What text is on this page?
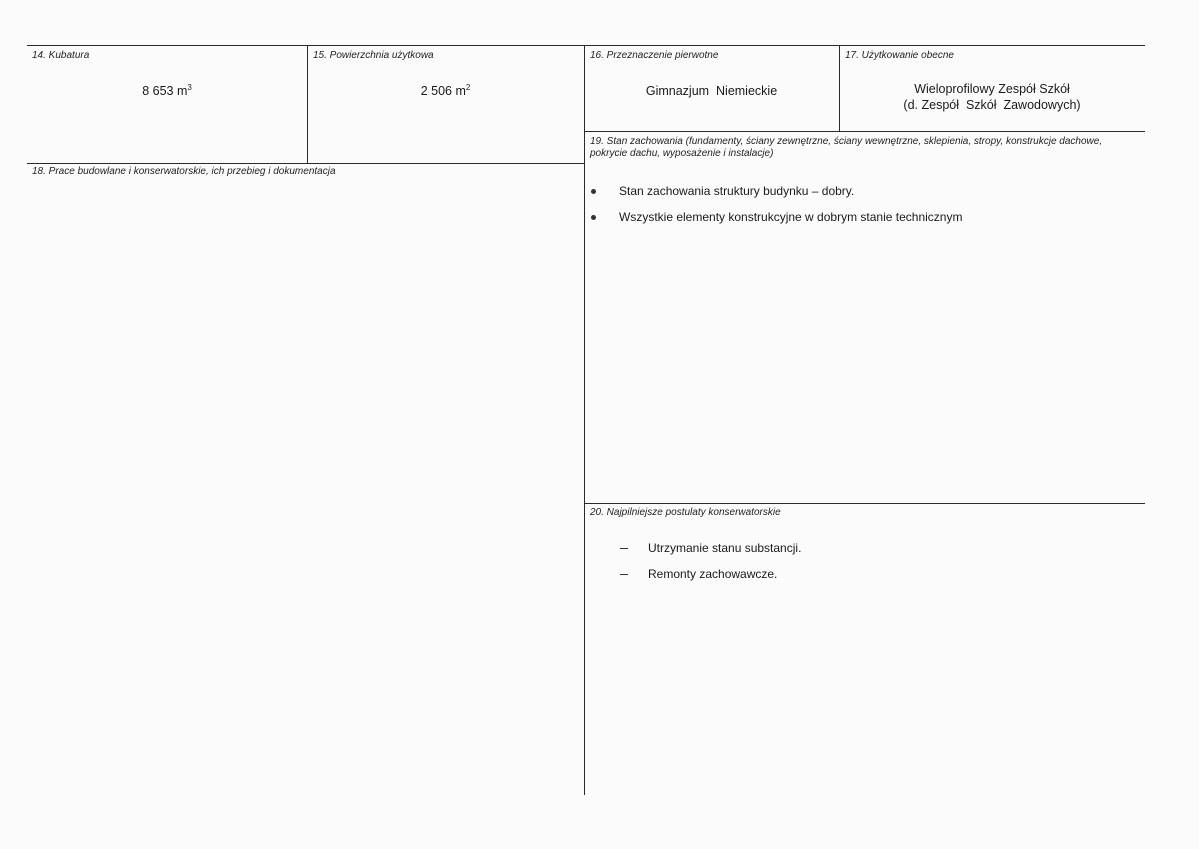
14. Kubatura
8 653 $m^3$
15. Powierzchnia użytkowa
2 506 $m^2$
16. Przeznaczenie pierwotne
Gimnazjum  Niemieckie
17. Użytkowanie obecne
Wieloprofilowy Zespół Szkół
(d. Zespół  Szkół  Zawodowych)
18. Prace budowlane i konserwatorskie, ich przebieg i dokumentacja
19. Stan zachowania (fundamenty, ściany zewnętrzne, ściany wewnętrzne, sklepienia, stropy, konstrukcje dachowe, pokrycie dachu, wyposażenie i instalacje)
Stan zachowania struktury budynku – dobry.
Wszystkie elementy konstrukcyjne w dobrym stanie technicznym
20. Najpilniejsze postulaty konserwatorskie
Utrzymanie stanu substancji.
Remonty zachowawcze.
